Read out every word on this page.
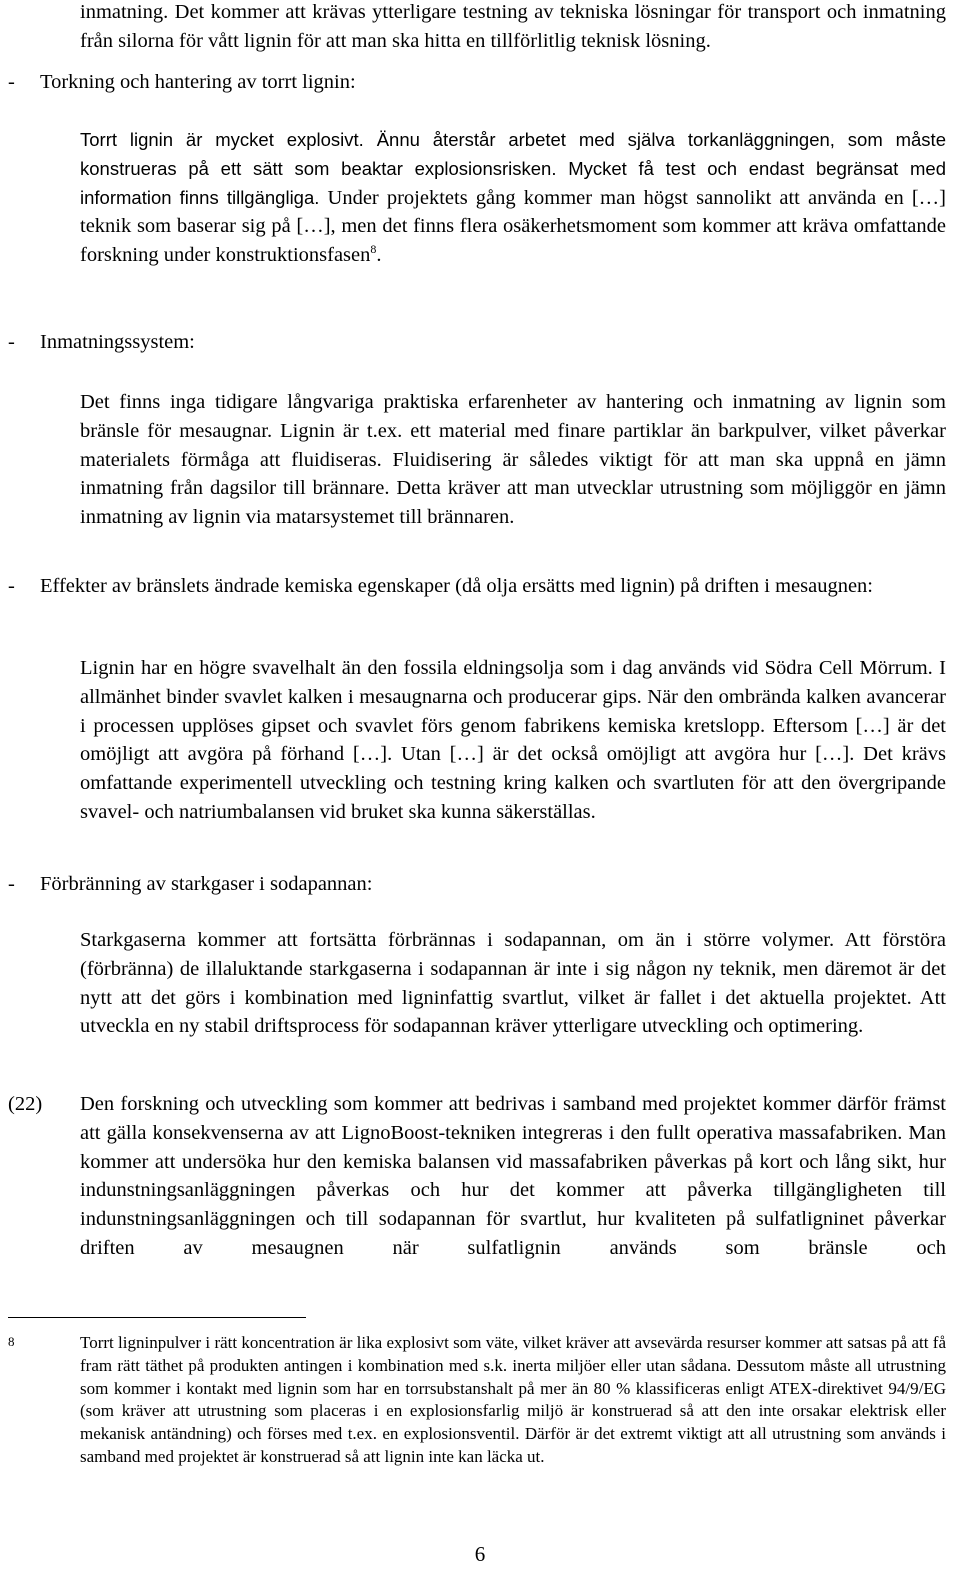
inmatning. Det kommer att krävas ytterligare testning av tekniska lösningar för transport och inmatning från silorna för vått lignin för att man ska hitta en tillförlitlig teknisk lösning.
- Torkning och hantering av torrt lignin:
Torrt lignin är mycket explosivt. Ännu återstår arbetet med själva torkanläggningen, som måste konstrueras på ett sätt som beaktar explosionsrisken. Mycket få test och endast begränsat med information finns tillgängliga. Under projektets gång kommer man högst sannolikt att använda en […] teknik som baserar sig på […], men det finns flera osäkerhetsmoment som kommer att kräva omfattande forskning under konstruktionsfasen$^8$.
- Inmatningssystem:
Det finns inga tidigare långvariga praktiska erfarenheter av hantering och inmatning av lignin som bränsle för mesaugnar. Lignin är t.ex. ett material med finare partiklar än barkpulver, vilket påverkar materialets förmåga att fluidiseras. Fluidisering är således viktigt för att man ska uppnå en jämn inmatning från dagsilor till brännare. Detta kräver att man utvecklar utrustning som möjliggör en jämn inmatning av lignin via matarsystemet till brännaren.
- Effekter av bränslets ändrade kemiska egenskaper (då olja ersätts med lignin) på driften i mesaugnen:
Lignin har en högre svavelhalt än den fossila eldningsolja som i dag används vid Södra Cell Mörrum. I allmänhet binder svavlet kalken i mesaugnarna och producerar gips. När den ombrända kalken avancerar i processen upplöses gipset och svavlet förs genom fabrikens kemiska kretslopp. Eftersom […] är det omöjligt att avgöra på förhand […]. Utan […] är det också omöjligt att avgöra hur […]. Det krävs omfattande experimentell utveckling och testning kring kalken och svartluten för att den övergripande svavel- och natriumbalansen vid bruket ska kunna säkerställas.
- Förbränning av starkgaser i sodapannan:
Starkgaserna kommer att fortsätta förbrännas i sodapannan, om än i större volymer. Att förstöra (förbränna) de illaluktande starkgaserna i sodapannan är inte i sig någon ny teknik, men däremot är det nytt att det görs i kombination med ligninfattig svartlut, vilket är fallet i det aktuella projektet. Att utveckla en ny stabil driftsprocess för sodapannan kräver ytterligare utveckling och optimering.
(22) Den forskning och utveckling som kommer att bedrivas i samband med projektet kommer därför främst att gälla konsekvenserna av att LignoBoost-tekniken integreras i den fullt operativa massafabriken. Man kommer att undersöka hur den kemiska balansen vid massafabriken påverkas på kort och lång sikt, hur indunstningsanläggningen påverkas och hur det kommer att påverka tillgängligheten till indunstningsanläggningen och till sodapannan för svartlut, hur kvaliteten på sulfatligninet påverkar driften av mesaugnen när sulfatlignin används som bränsle och
8	Torrt ligninpulver i rätt koncentration är lika explosivt som väte, vilket kräver att avsevärda resurser kommer att satsas på att få fram rätt täthet på produkten antingen i kombination med s.k. inerta miljöer eller utan sådana. Dessutom måste all utrustning som kommer i kontakt med lignin som har en torrsubstanshalt på mer än 80 % klassificeras enligt ATEX-direktivet 94/9/EG (som kräver att utrustning som placeras i en explosionsfarlig miljö är konstruerad så att den inte orsakar elektrisk eller mekanisk antändning) och förses med t.ex. en explosionsventil. Därför är det extremt viktigt att all utrustning som används i samband med projektet är konstruerad så att lignin inte kan läcka ut.
6
